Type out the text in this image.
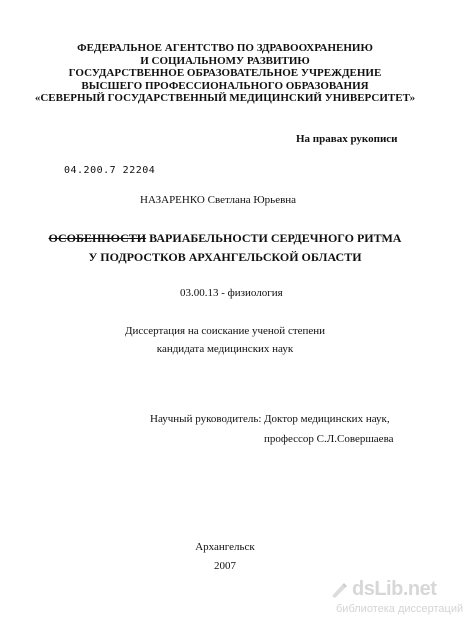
ФЕДЕРАЛЬНОЕ АГЕНТСТВО ПО ЗДРАВООХРАНЕНИЮ
И СОЦИАЛЬНОМУ РАЗВИТИЮ
ГОСУДАРСТВЕННОЕ ОБРАЗОВАТЕЛЬНОЕ УЧРЕЖДЕНИЕ
ВЫСШЕГО ПРОФЕССИОНАЛЬНОГО ОБРАЗОВАНИЯ
«СЕВЕРНЫЙ ГОСУДАРСТВЕННЫЙ МЕДИЦИНСКИЙ УНИВЕРСИТЕТ»
На правах рукописи
04.200.7 22204
НАЗАРЕНКО Светлана Юрьевна
ОСОБЕННОСТИ ВАРИАБЕЛЬНОСТИ СЕРДЕЧНОГО РИТМА
У ПОДРОСТКОВ АРХАНГЕЛЬСКОЙ ОБЛАСТИ
03.00.13 - физиология
Диссертация на соискание ученой степени
кандидата медицинских наук
Научный руководитель: Доктор медицинских наук,
профессор С.Л.Совершаева
Архангельск
2007
dsLib.net
библиотека диссертаций
